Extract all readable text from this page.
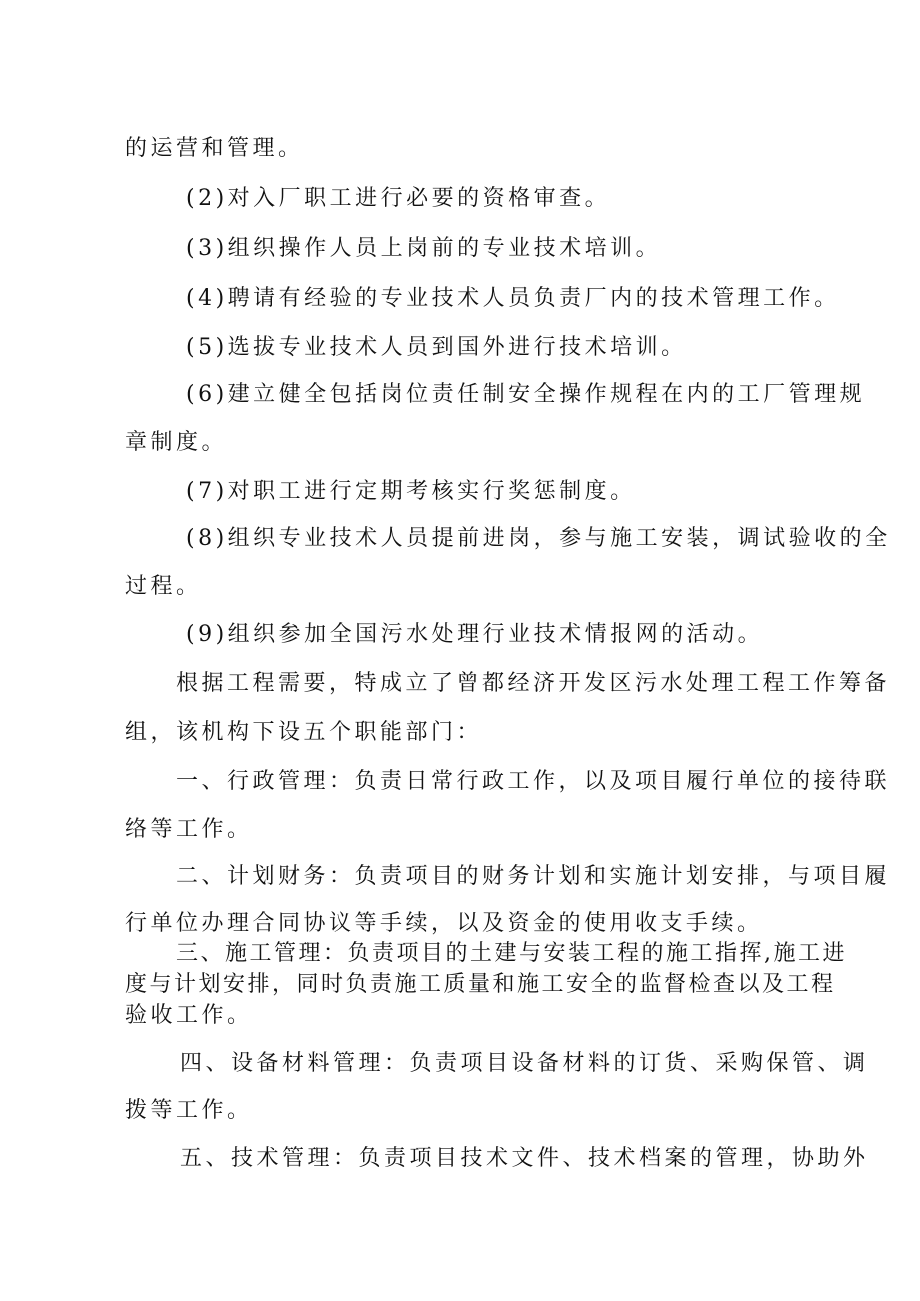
的运营和管理。
(2)对入厂职工进行必要的资格审查。
(3)组织操作人员上岗前的专业技术培训。
(4)聘请有经验的专业技术人员负责厂内的技术管理工作。
(5)选拔专业技术人员到国外进行技术培训。
(6)建立健全包括岗位责任制安全操作规程在内的工厂管理规
章制度。
(7)对职工进行定期考核实行奖惩制度。
(8)组织专业技术人员提前进岗，参与施工安装，调试验收的全
过程。
(9)组织参加全国污水处理行业技术情报网的活动。
根据工程需要，特成立了曾都经济开发区污水处理工程工作筹备
组，该机构下设五个职能部门：
一、行政管理：负责日常行政工作，以及项目履行单位的接待联
络等工作。
二、计划财务：负责项目的财务计划和实施计划安排，与项目履
行单位办理合同协议等手续，以及资金的使用收支手续。
三、施工管理：负责项目的土建与安装工程的施工指挥,施工进
度与计划安排，同时负责施工质量和施工安全的监督检查以及工程
验收工作。
四、设备材料管理：负责项目设备材料的订货、采购保管、调
拨等工作。
五、技术管理：负责项目技术文件、技术档案的管理，协助外
